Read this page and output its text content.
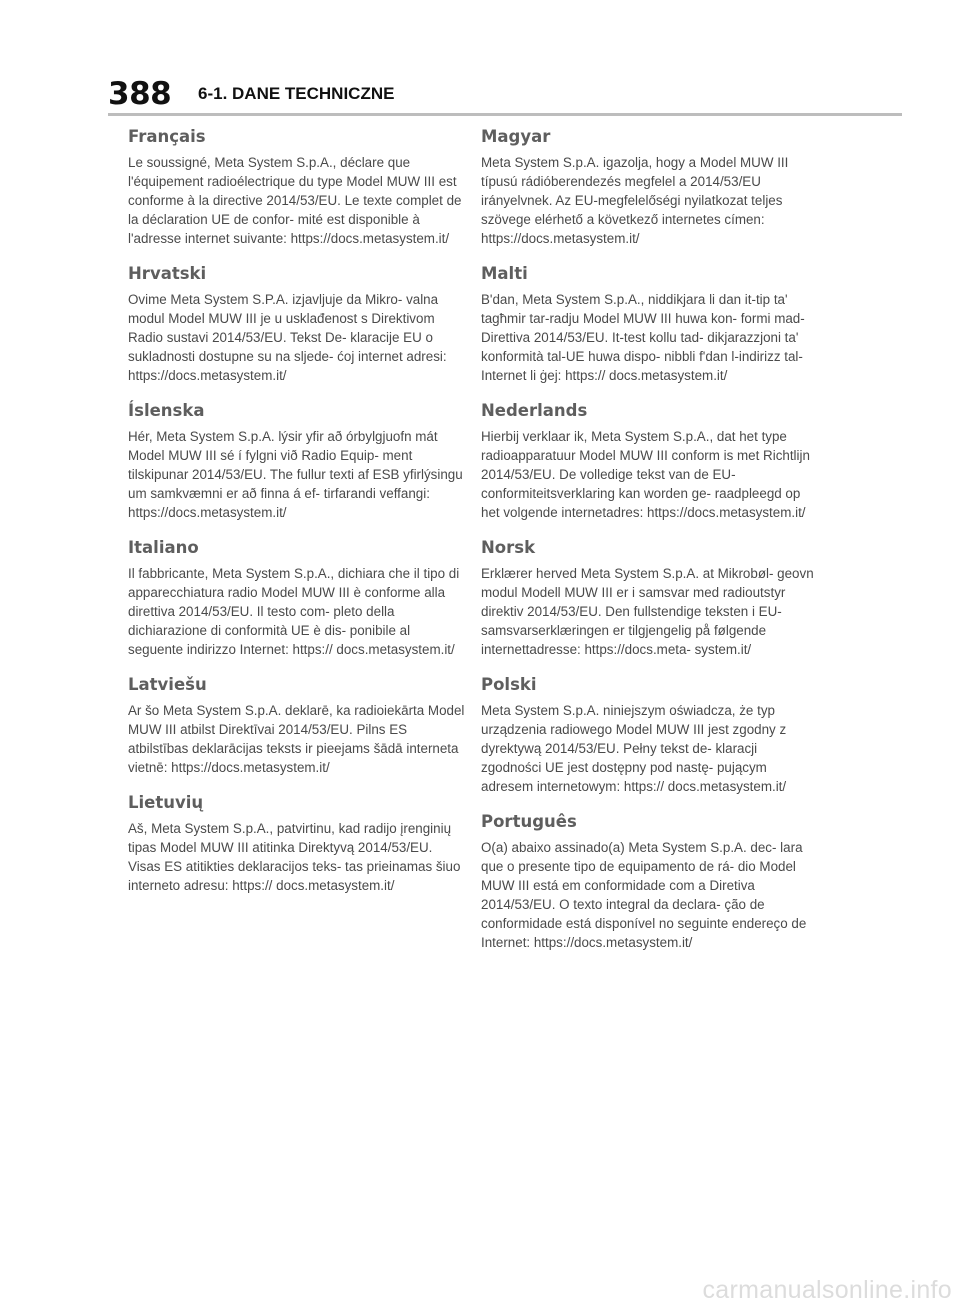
388 6-1. DANE TECHNICZNE
Français

Le soussigné, Meta System S.p.A., déclare que l'équipement radioélectrique du type Model MUW III est conforme à la directive 2014/53/EU. Le texte complet de la déclaration UE de confor- mité est disponible à l'adresse internet suivante: https://docs.metasystem.it/

Hrvatski

Ovime Meta System S.P.A. izjavljuje da Mikro- valna modul Model MUW III je u usklađenost s Direktivom Radio sustavi 2014/53/EU. Tekst De- klaracije EU o sukladnosti dostupne su na sljede- ćoj internet adresi: https://docs.metasystem.it/

Íslenska

Hér, Meta System S.p.A. lýsir yfir að órbylgjuofn mát Model MUW III sé í fylgni við Radio Equip- ment tilskipunar 2014/53/EU. The fullur texti af ESB yfirlýsingu um samkvæmni er að finna á ef- tirfarandi veffangi: https://docs.metasystem.it/

Italiano

Il fabbricante, Meta System S.p.A., dichiara che il tipo di apparecchiatura radio Model MUW III è conforme alla direttiva 2014/53/EU. Il testo com- pleto della dichiarazione di conformità UE è dis- ponibile al seguente indirizzo Internet: https:// docs.metasystem.it/

Latviešu

Ar šo Meta System S.p.A. deklarē, ka radioiekārta Model MUW III atbilst Direktīvai 2014/53/EU. Pilns ES atbilstības deklarācijas teksts ir pieejams šādā interneta vietnē: https://docs.metasystem.it/

Lietuvių

Aš, Meta System S.p.A., patvirtinu, kad radijo įrenginių tipas Model MUW III atitinka Direktyvą 2014/53/EU. Visas ES atitikties deklaracijos teks- tas prieinamas šiuo interneto adresu: https:// docs.metasystem.it/

Magyar

Meta System S.p.A. igazolja, hogy a Model MUW III típusú rádióberendezés megfelel a 2014/53/EU irányelvnek. Az EU-megfelelőségi nyilatkozat teljes szövege elérhető a következő internetes címen: https://docs.metasystem.it/

Malti

B'dan, Meta System S.p.A., niddikjara li dan it-tip ta' tagħmir tar-radju Model MUW III huwa kon- formi mad-Direttiva 2014/53/EU. It-test kollu tad- dikjarazzjoni ta' konformità tal-UE huwa dispo- nibbli f'dan l-indirizz tal- Internet li ġej: https:// docs.metasystem.it/

Nederlands

Hierbij verklaar ik, Meta System S.p.A., dat het type radioapparatuur Model MUW III conform is met Richtlijn 2014/53/EU. De volledige tekst van de EU-conformiteitsverklaring kan worden ge- raadpleegd op het volgende internetadres: https://docs.metasystem.it/

Norsk

Erklærer herved Meta System S.p.A. at Mikrobøl- geovn modul Modell MUW III er i samsvar med radioutstyr direktiv 2014/53/EU. Den fullstendige teksten i EU-samsvarserklæringen er tilgjengelig på følgende internettadresse: https://docs.meta- system.it/

Polski

Meta System S.p.A. niniejszym oświadcza, że typ urządzenia radiowego Model MUW III jest zgodny z dyrektywą 2014/53/EU. Pełny tekst de- klaracji zgodności UE jest dostępny pod nastę- pującym adresem internetowym: https:// docs.metasystem.it/

Português

O(a) abaixo assinado(a) Meta System S.p.A. dec- lara que o presente tipo de equipamento de rá- dio Model MUW III está em conformidade com a Diretiva 2014/53/EU. O texto integral da declara- ção de conformidade está disponível no seguinte endereço de Internet: https://docs.metasystem.it/

carmanualsonline.info
